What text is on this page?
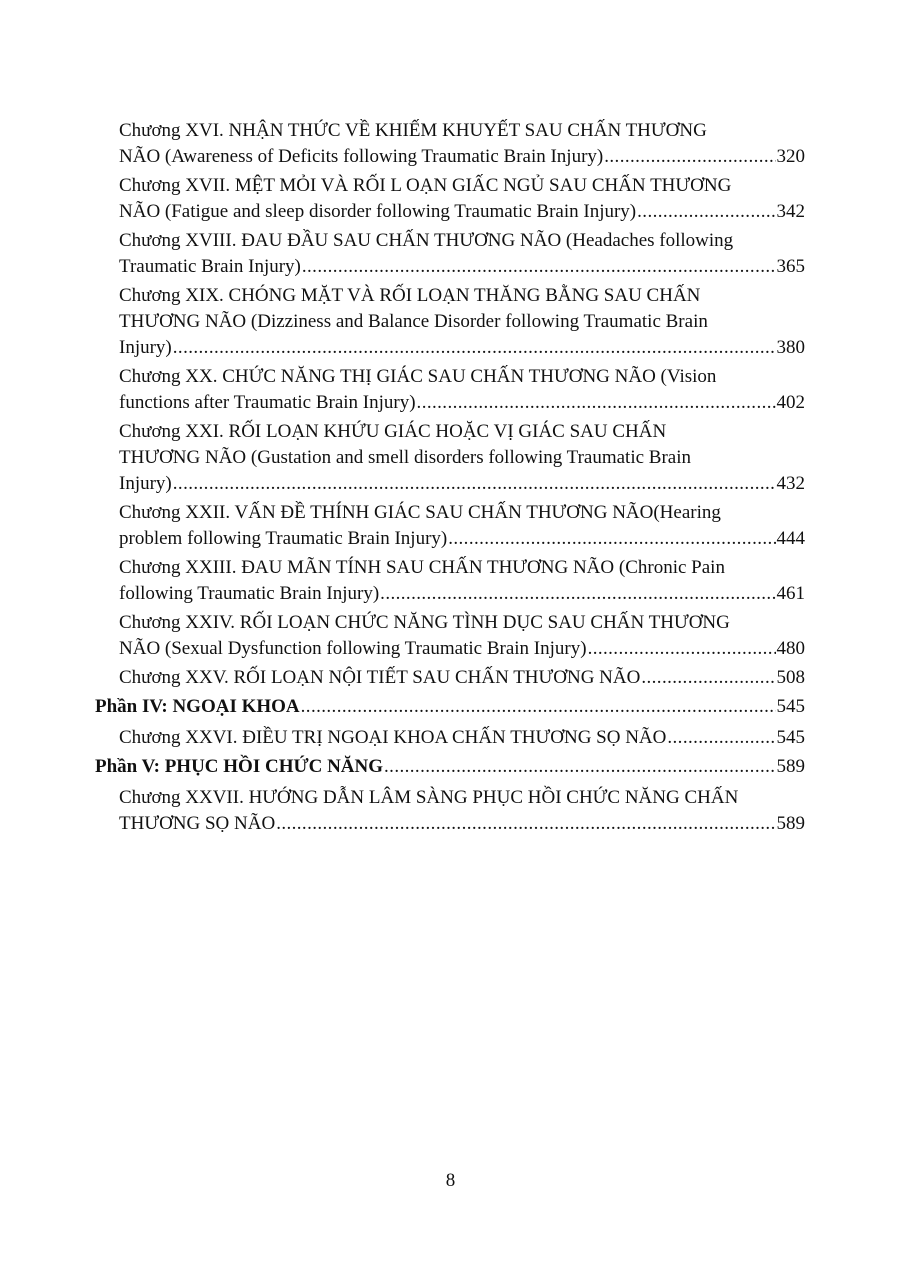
Chương XVI. NHẬN THỨC VỀ KHIẾM KHUYẾT SAU CHẤN THƯƠNG
NÃO (Awareness of Deficits following Traumatic Brain Injury) .....	320
Chương XVII. MỆT MỎI VÀ RỐI L OẠN GIẤC NGỦ SAU CHẤN THƯƠNG
NÃO (Fatigue and sleep disorder following Traumatic Brain Injury) .....	342
Chương XVIII. ĐAU ĐẦU SAU CHẤN THƯƠNG NÃO (Headaches following
Traumatic Brain Injury) .....	365
Chương XIX. CHÓNG MẶT VÀ RỐI LOẠN THĂNG BẰNG SAU CHẤN
THƯƠNG NÃO (Dizziness and Balance Disorder following Traumatic Brain
Injury) .....	380
Chương XX. CHỨC NĂNG THỊ GIÁC SAU CHẤN THƯƠNG NÃO (Vision
functions after Traumatic Brain Injury) .....	402
Chương XXI. RỐI LOẠN KHỨU GIÁC HOẶC VỊ GIÁC SAU CHẤN
THƯƠNG NÃO (Gustation and smell disorders following Traumatic Brain
Injury) .....	432
Chương XXII. VẤN ĐỀ THÍNH GIÁC SAU CHẤN THƯƠNG NÃO(Hearing
problem following Traumatic Brain Injury) .....	444
Chương XXIII. ĐAU MÃN TÍNH SAU CHẤN THƯƠNG NÃO (Chronic Pain
following Traumatic Brain Injury) .....	461
Chương XXIV. RỐI LOẠN CHỨC NĂNG TÌNH DỤC SAU CHẤN THƯƠNG
NÃO (Sexual Dysfunction following Traumatic Brain Injury) .....	480
Chương XXV. RỐI LOẠN NỘI TIẾT SAU CHẤN THƯƠNG NÃO .....	508
Phần IV: NGOẠI KHOA .....	545
Chương XXVI. ĐIỀU TRỊ NGOẠI KHOA CHẤN THƯƠNG SỌ NÃO .....	545
Phần V: PHỤC HỒI CHỨC NĂNG .....	589
Chương XXVII. HƯỚNG DẪN LÂM SÀNG PHỤC HỒI CHỨC NĂNG CHẤN
THƯƠNG SỌ NÃO .....	589
8
